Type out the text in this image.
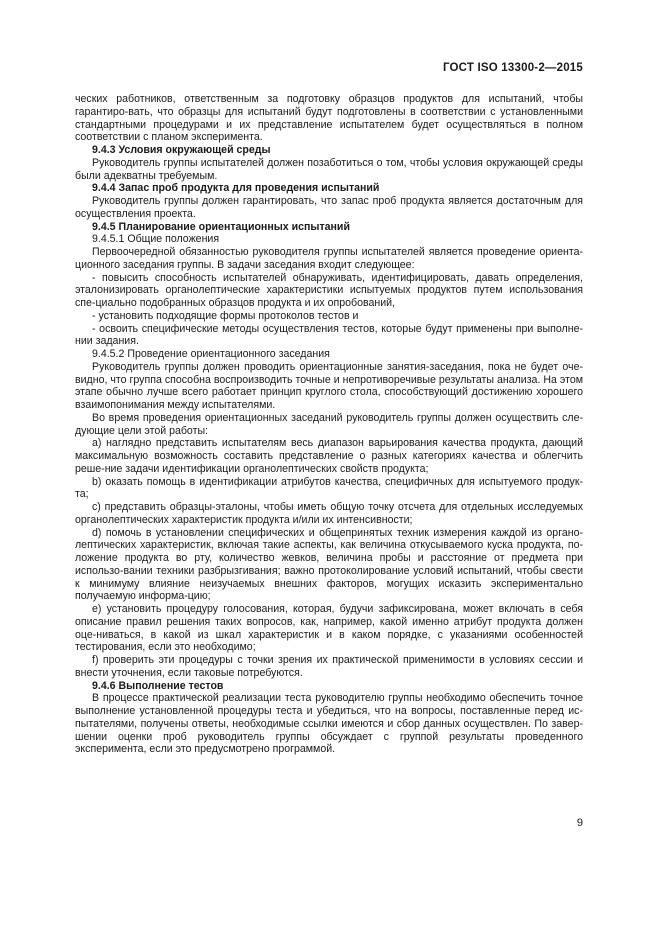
ГОСТ ISO 13300-2—2015

ческих работников, ответственным за подготовку образцов продуктов для испытаний, чтобы гарантиро-вать, что образцы для испытаний будут подготовлены в соответствии с установленными стандартными процедурами и их представление испытателем будет осуществляться в полном соответствии с планом эксперимента.

9.4.3 Условия окружающей среды

Руководитель группы испытателей должен позаботиться о том, чтобы условия окружающей среды были адекватны требуемым.

9.4.4 Запас проб продукта для проведения испытаний

Руководитель группы должен гарантировать, что запас проб продукта является достаточным для осуществления проекта.

9.4.5 Планирование ориентационных испытаний

9.4.5.1 Общие положения

Первоочередной обязанностью руководителя группы испытателей является проведение ориента-ционного заседания группы. В задачи заседания входит следующее:

- повысить способность испытателей обнаруживать, идентифицировать, давать определения, эталонизировать органолептические характеристики испытуемых продуктов путем использования спе-циально подобранных образцов продукта и их опробований,

- установить подходящие формы протоколов тестов и

- освоить специфические методы осуществления тестов, которые будут применены при выполне-нии задания.

9.4.5.2 Проведение ориентационного заседания

Руководитель группы должен проводить ориентационные занятия-заседания, пока не будет оче-видно, что группа способна воспроизводить точные и непротиворечивые результаты анализа. На этом этапе обычно лучше всего работает принцип круглого стола, способствующий достижению хорошего взаимопонимания между испытателями.

Во время проведения ориентационных заседаний руководитель группы должен осуществить сле-дующие цели этой работы:

a) наглядно представить испытателям весь диапазон варьирования качества продукта, дающий максимальную возможность составить представление о разных категориях качества и облегчить реше-ние задачи идентификации органолептических свойств продукта;

b) оказать помощь в идентификации атрибутов качества, специфичных для испытуемого продук-та;

c) представить образцы-эталоны, чтобы иметь общую точку отсчета для отдельных исследуемых органолептических характеристик продукта и/или их интенсивности;

d) помочь в установлении специфических и общепринятых техник измерения каждой из органо-лептических характеристик, включая такие аспекты, как величина откусываемого куска продукта, по-ложение продукта во рту, количество жевков, величина пробы и расстояние от предмета при использо-вании техники разбрызгивания; важно протоколирование условий испытаний, чтобы свести к минимуму влияние неизучаемых внешних факторов, могущих исказить экспериментально получаемую информа-цию;

e) установить процедуру голосования, которая, будучи зафиксирована, может включать в себя описание правил решения таких вопросов, как, например, какой именно атрибут продукта должен оце-ниваться, в какой из шкал характеристик и в каком порядке, с указаниями особенностей тестирования, если это необходимо;

f) проверить эти процедуры с точки зрения их практической применимости в условиях сессии и внести уточнения, если таковые потребуются.

9.4.6 Выполнение тестов

В процессе практической реализации теста руководителю группы необходимо обеспечить точное выполнение установленной процедуры теста и убедиться, что на вопросы, поставленные перед ис-пытателями, получены ответы, необходимые ссылки имеются и сбор данных осуществлен. По завер-шении оценки проб руководитель группы обсуждает с группой результаты проведенного эксперимента, если это предусмотрено программой.

9
